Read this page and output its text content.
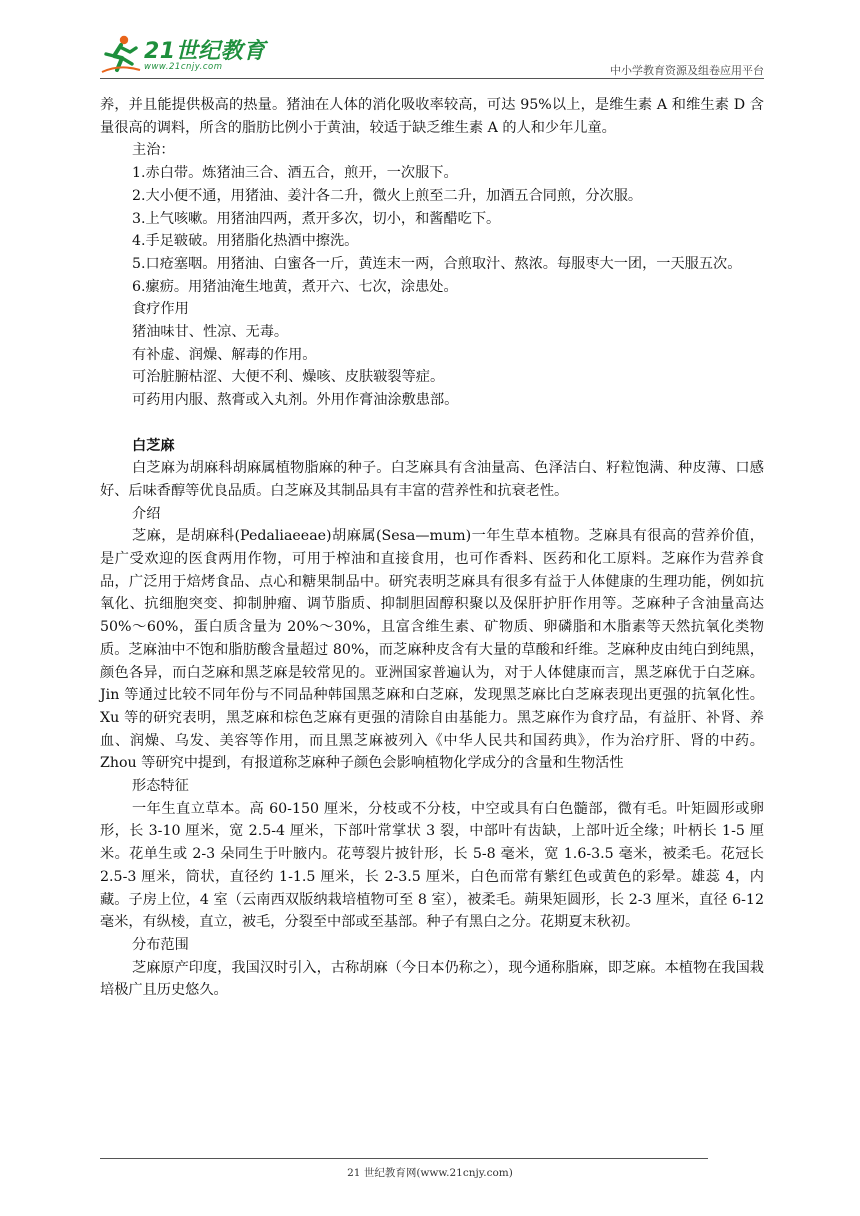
21世纪教育
www.21cnjy.com	中小学教育资源及组卷应用平台

养，并且能提供极高的热量。猪油在人体的消化吸收率较高，可达 95%以上，是维生素 A 和维生素 D 含量很高的调料，所含的脂肪比例小于黄油，较适于缺乏维生素 A 的人和少年儿童。

主治：

1.赤白带。炼猪油三合、酒五合，煎开，一次服下。

2.大小便不通，用猪油、姜汁各二升，微火上煎至二升，加酒五合同煎，分次服。

3.上气咳嗽。用猪油四两，煮开多次，切小，和酱醋吃下。

4.手足皲破。用猪脂化热酒中擦洗。

5.口疮塞咽。用猪油、白蜜各一斤，黄连末一两，合煎取汁、熬浓。每服枣大一团，一天服五次。

6.瘰疬。用猪油淹生地黄，煮开六、七次，涂患处。

食疗作用

猪油味甘、性凉、无毒。

有补虚、润燥、解毒的作用。

可治脏腑枯涩、大便不利、燥咳、皮肤皲裂等症。

可药用内服、熬膏或入丸剂。外用作膏油涂敷患部。

白芝麻

白芝麻为胡麻科胡麻属植物脂麻的种子。白芝麻具有含油量高、色泽洁白、籽粒饱满、种皮薄、口感好、后味香醇等优良品质。白芝麻及其制品具有丰富的营养性和抗衰老性。

介绍

芝麻，是胡麻科(Pedaliaeeae)胡麻属(Sesa—mum)一年生草本植物。芝麻具有很高的营养价值，是广受欢迎的医食两用作物，可用于榨油和直接食用，也可作香料、医药和化工原料。芝麻作为营养食品，广泛用于焙烤食品、点心和糖果制品中。研究表明芝麻具有很多有益于人体健康的生理功能，例如抗氧化、抗细胞突变、抑制肿瘤、调节脂质、抑制胆固醇积聚以及保肝护肝作用等。芝麻种子含油量高达 50%～60%，蛋白质含量为 20%～30%，且富含维生素、矿物质、卵磷脂和木脂素等天然抗氧化类物质。芝麻油中不饱和脂肪酸含量超过 80%，而芝麻种皮含有大量的草酸和纤维。芝麻种皮由纯白到纯黑，颜色各异，而白芝麻和黑芝麻是较常见的。亚洲国家普遍认为，对于人体健康而言，黑芝麻优于白芝麻。Jin 等通过比较不同年份与不同品种韩国黑芝麻和白芝麻，发现黑芝麻比白芝麻表现出更强的抗氧化性。Xu 等的研究表明，黑芝麻和棕色芝麻有更强的清除自由基能力。黑芝麻作为食疗品，有益肝、补肾、养血、润燥、乌发、美容等作用，而且黑芝麻被列入《中华人民共和国药典》，作为治疗肝、肾的中药。Zhou 等研究中提到，有报道称芝麻种子颜色会影响植物化学成分的含量和生物活性

形态特征

一年生直立草本。高 60-150 厘米，分枝或不分枝，中空或具有白色髓部，微有毛。叶矩圆形或卵形，长 3-10 厘米，宽 2.5-4 厘米，下部叶常掌状 3 裂，中部叶有齿缺，上部叶近全缘；叶柄长 1-5 厘米。花单生或 2-3 朵同生于叶腋内。花萼裂片披针形，长 5-8 毫米，宽 1.6-3.5 毫米，被柔毛。花冠长 2.5-3 厘米，筒状，直径约 1-1.5 厘米，长 2-3.5 厘米，白色而常有紫红色或黄色的彩晕。雄蕊 4，内藏。子房上位，4 室（云南西双版纳栽培植物可至 8 室），被柔毛。蒴果矩圆形，长 2-3 厘米，直径 6-12 毫米，有纵棱，直立，被毛，分裂至中部或至基部。种子有黑白之分。花期夏末秋初。

分布范围

芝麻原产印度，我国汉时引入，古称胡麻（今日本仍称之），现今通称脂麻，即芝麻。本植物在我国栽培极广且历史悠久。

21 世纪教育网(www.21cnjy.com)
